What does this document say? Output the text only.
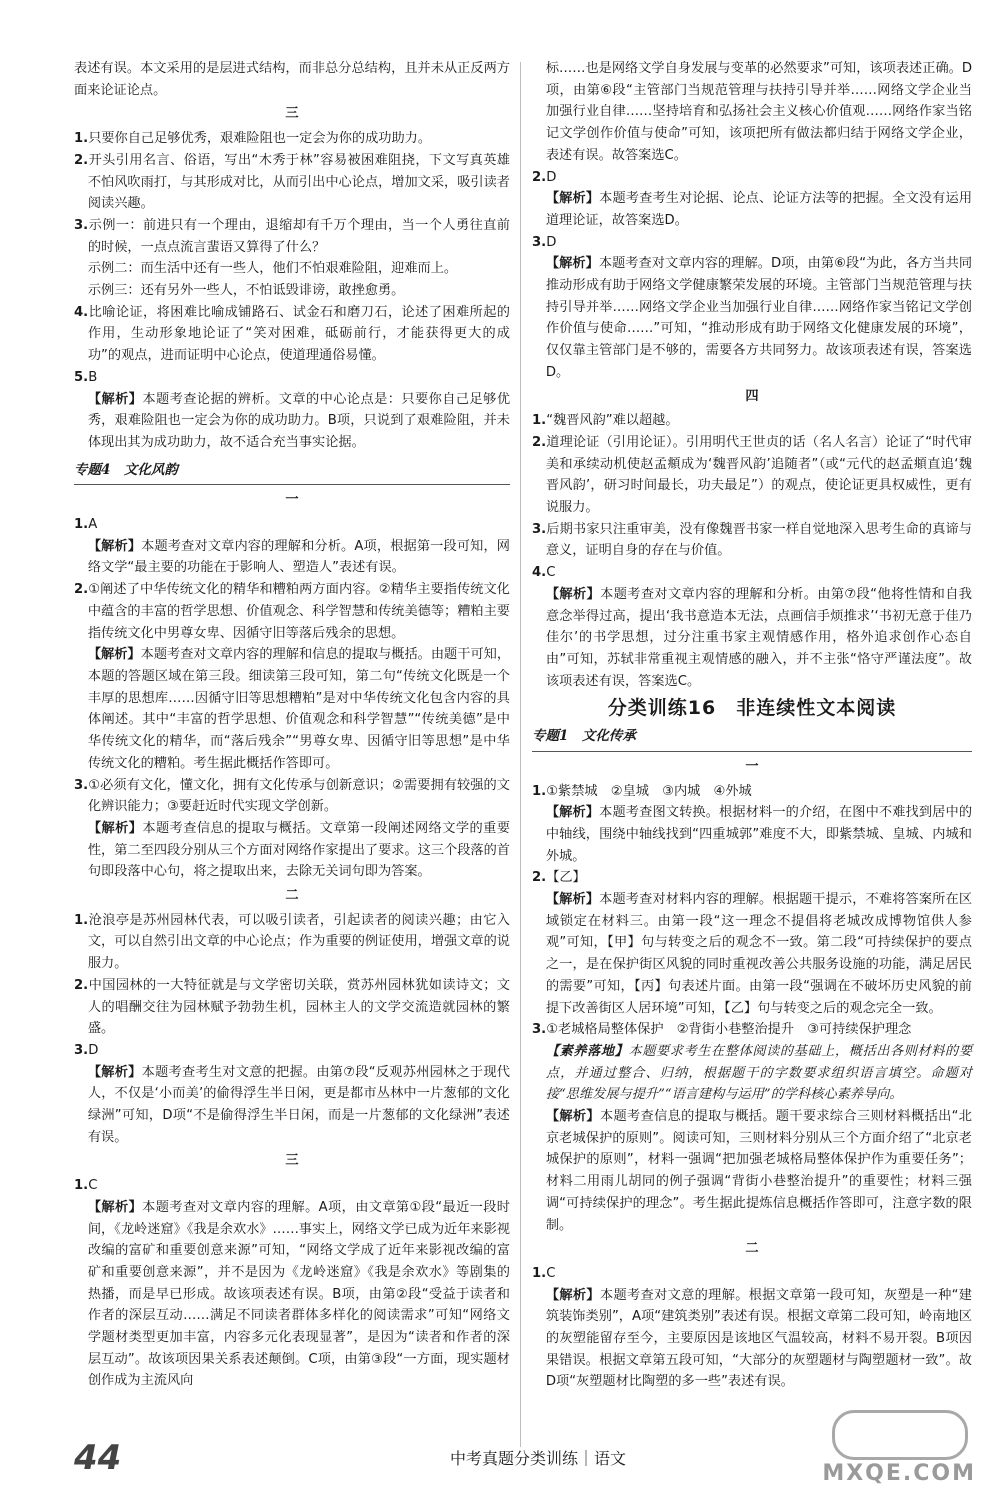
表述有误。本文采用的是层进式结构，而非总分总结构，且并未从正反两方面来论证论点。

三

1.只要你自己足够优秀，艰难险阻也一定会为你的成功助力。

2.开头引用名言、俗语，写出“木秀于林”容易被困难阻挠，下文写真英雄不怕风吹雨打，与其形成对比，从而引出中心论点，增加文采，吸引读者阅读兴趣。

3.示例一：前进只有一个理由，退缩却有千万个理由，当一个人勇往直前的时候，一点点流言蜚语又算得了什么？

示例二：而生活中还有一些人，他们不怕艰难险阻，迎难而上。

示例三：还有另外一些人，不怕诋毁诽谤，敢挫愈勇。

4.比喻论证，将困难比喻成铺路石、试金石和磨刀石，论述了困难所起的作用，生动形象地论证了“笑对困难，砥砺前行，才能获得更大的成功”的观点，进而证明中心论点，使道理通俗易懂。

5.B

【解析】本题考查论据的辨析。文章的中心论点是：只要你自己足够优秀，艰难险阻也一定会为你的成功助力。B项，只说到了艰难险阻，并未体现出其为成功助力，故不适合充当事实论据。

专题4　文化风韵
一

1.A

【解析】本题考查对文章内容的理解和分析。A项，根据第一段可知，网络文学“最主要的功能在于影响人、塑造人”表述有误。

2.①阐述了中华传统文化的精华和糟粕两方面内容。②精华主要指传统文化中蕴含的丰富的哲学思想、价值观念、科学智慧和传统美德等；糟粕主要指传统文化中男尊女卑、因循守旧等落后残余的思想。

【解析】本题考查对文章内容的理解和信息的提取与概括。由题干可知，本题的答题区域在第三段。细读第三段可知，第二句“传统文化既是一个丰厚的思想库……因循守旧等思想糟粕”是对中华传统文化包含内容的具体阐述。其中“丰富的哲学思想、价值观念和科学智慧”“传统美德”是中华传统文化的精华，而“落后残余”“男尊女卑、因循守旧等思想”是中华传统文化的糟粕。考生据此概括作答即可。

3.①必须有文化，懂文化，拥有文化传承与创新意识；②需要拥有较强的文化辨识能力；③要赶近时代实现文学创新。

【解析】本题考查信息的提取与概括。文章第一段阐述网络文学的重要性，第二至四段分别从三个方面对网络作家提出了要求。这三个段落的首句即段落中心句，将之提取出来，去除无关词句即为答案。

二

1.沧浪亭是苏州园林代表，可以吸引读者，引起读者的阅读兴趣；由它入文，可以自然引出文章的中心论点；作为重要的例证使用，增强文章的说服力。

2.中国园林的一大特征就是与文学密切关联，赏苏州园林犹如读诗文；文人的唱酬交往为园林赋予勃勃生机，园林主人的文学交流造就园林的繁盛。

3.D

【解析】本题考查考生对文意的把握。由第⑦段“反观苏州园林之于现代人，不仅是‘小而美’的偷得浮生半日闲，更是都市丛林中一片葱郁的文化绿洲”可知，D项“不是偷得浮生半日闲，而是一片葱郁的文化绿洲”表述有误。

三

1.C

【解析】本题考查对文章内容的理解。A项，由文章第①段“最近一段时间，《龙岭迷窟》《我是余欢水》……事实上，网络文学已成为近年来影视改编的富矿和重要创意来源”可知，“网络文学成了近年来影视改编的富矿和重要创意来源”，并不是因为《龙岭迷窟》《我是余欢水》等剧集的热播，而是早已形成。故该项表述有误。B项，由第②段“受益于读者和作者的深层互动……满足不同读者群体多样化的阅读需求”可知“网络文学题材类型更加丰富，内容多元化表现显著”，是因为“读者和作者的深层互动”。故该项因果关系表述颠倒。C项，由第③段“一方面，现实题材创作成为主流风向

标……也是网络文学自身发展与变革的必然要求”可知，该项表述正确。D项，由第⑥段“主管部门当规范管理与扶持引导并举……网络文学企业当加强行业自律……坚持培育和弘扬社会主义核心价值观……网络作家当铭记文学创作价值与使命”可知，该项把所有做法都归结于网络文学企业，表述有误。故答案选C。

2.D

【解析】本题考查考生对论据、论点、论证方法等的把握。全文没有运用道理论证，故答案选D。

3.D

【解析】本题考查对文章内容的理解。D项，由第⑥段“为此，各方当共同推动形成有助于网络文学健康繁荣发展的环境。主管部门当规范管理与扶持引导并举……网络文学企业当加强行业自律……网络作家当铭记文学创作价值与使命……”可知，“推动形成有助于网络文化健康发展的环境”，仅仅靠主管部门是不够的，需要各方共同努力。故该项表述有误，答案选D。

四

1.“魏晋风韵”难以超越。

2.道理论证（引用论证）。引用明代王世贞的话（名人名言）论证了“时代审美和承续动机使赵孟頫成为‘魏晋风韵’追随者”（或“元代的赵孟頫直追‘魏晋风韵’，研习时间最长，功夫最足”）的观点，使论证更具权威性，更有说服力。

3.后期书家只注重审美，没有像魏晋书家一样自觉地深入思考生命的真谛与意义，证明自身的存在与价值。

4.C

【解析】本题考查对文章内容的理解和分析。由第⑦段“他将性情和自我意念举得过高，提出‘我书意造本无法，点画信手烦推求’‘书初无意于佳乃佳尔’的书学思想，过分注重书家主观情感作用，格外追求创作心态自由”可知，苏轼非常重视主观情感的融入，并不主张“恪守严谨法度”。故该项表述有误，答案选C。

分类训练16　非连续性文本阅读
专题1　文化传承
一

1.①紫禁城　②皇城　③内城　④外城

【解析】本题考查图文转换。根据材料一的介绍，在图中不难找到居中的中轴线，围绕中轴线找到“四重城郭”难度不大，即紫禁城、皇城、内城和外城。

2.【乙】

【解析】本题考查对材料内容的理解。根据题干提示，不难将答案所在区域锁定在材料三。由第一段“这一理念不提倡将老城改成博物馆供人参观”可知，【甲】句与转变之后的观念不一致。第二段“可持续保护的要点之一，是在保护街区风貌的同时重视改善公共服务设施的功能，满足居民的需要”可知，【丙】句表述片面。由第一段“强调在不破坏历史风貌的前提下改善街区人居环境”可知，【乙】句与转变之后的观念完全一致。

3.①老城格局整体保护　②背街小巷整治提升　③可持续保护理念

【素养落地】本题要求考生在整体阅读的基础上，概括出各则材料的要点，并通过整合、归纳，根据题干的字数要求组织语言填空。命题对接“思维发展与提升”“语言建构与运用”的学科核心素养导向。

【解析】本题考查信息的提取与概括。题干要求综合三则材料概括出“北京老城保护的原则”。阅读可知，三则材料分别从三个方面介绍了“北京老城保护的原则”，材料一强调“把加强老城格局整体保护作为重要任务”；材料二用雨儿胡同的例子强调“背街小巷整治提升”的重要性；材料三强调“可持续保护的理念”。考生据此提炼信息概括作答即可，注意字数的限制。

二

1.C

【解析】本题考查对文意的理解。根据文章第一段可知，灰塑是一种“建筑装饰类别”，A项“建筑类别”表述有误。根据文章第二段可知，岭南地区的灰塑能留存至今，主要原因是该地区气温较高，材料不易开裂。B项因果错误。根据文章第五段可知，“大部分的灰塑题材与陶塑题材一致”。故D项“灰塑题材比陶塑的多一些”表述有误。

44	中考真题分类训练｜语文
MXQE.COM
